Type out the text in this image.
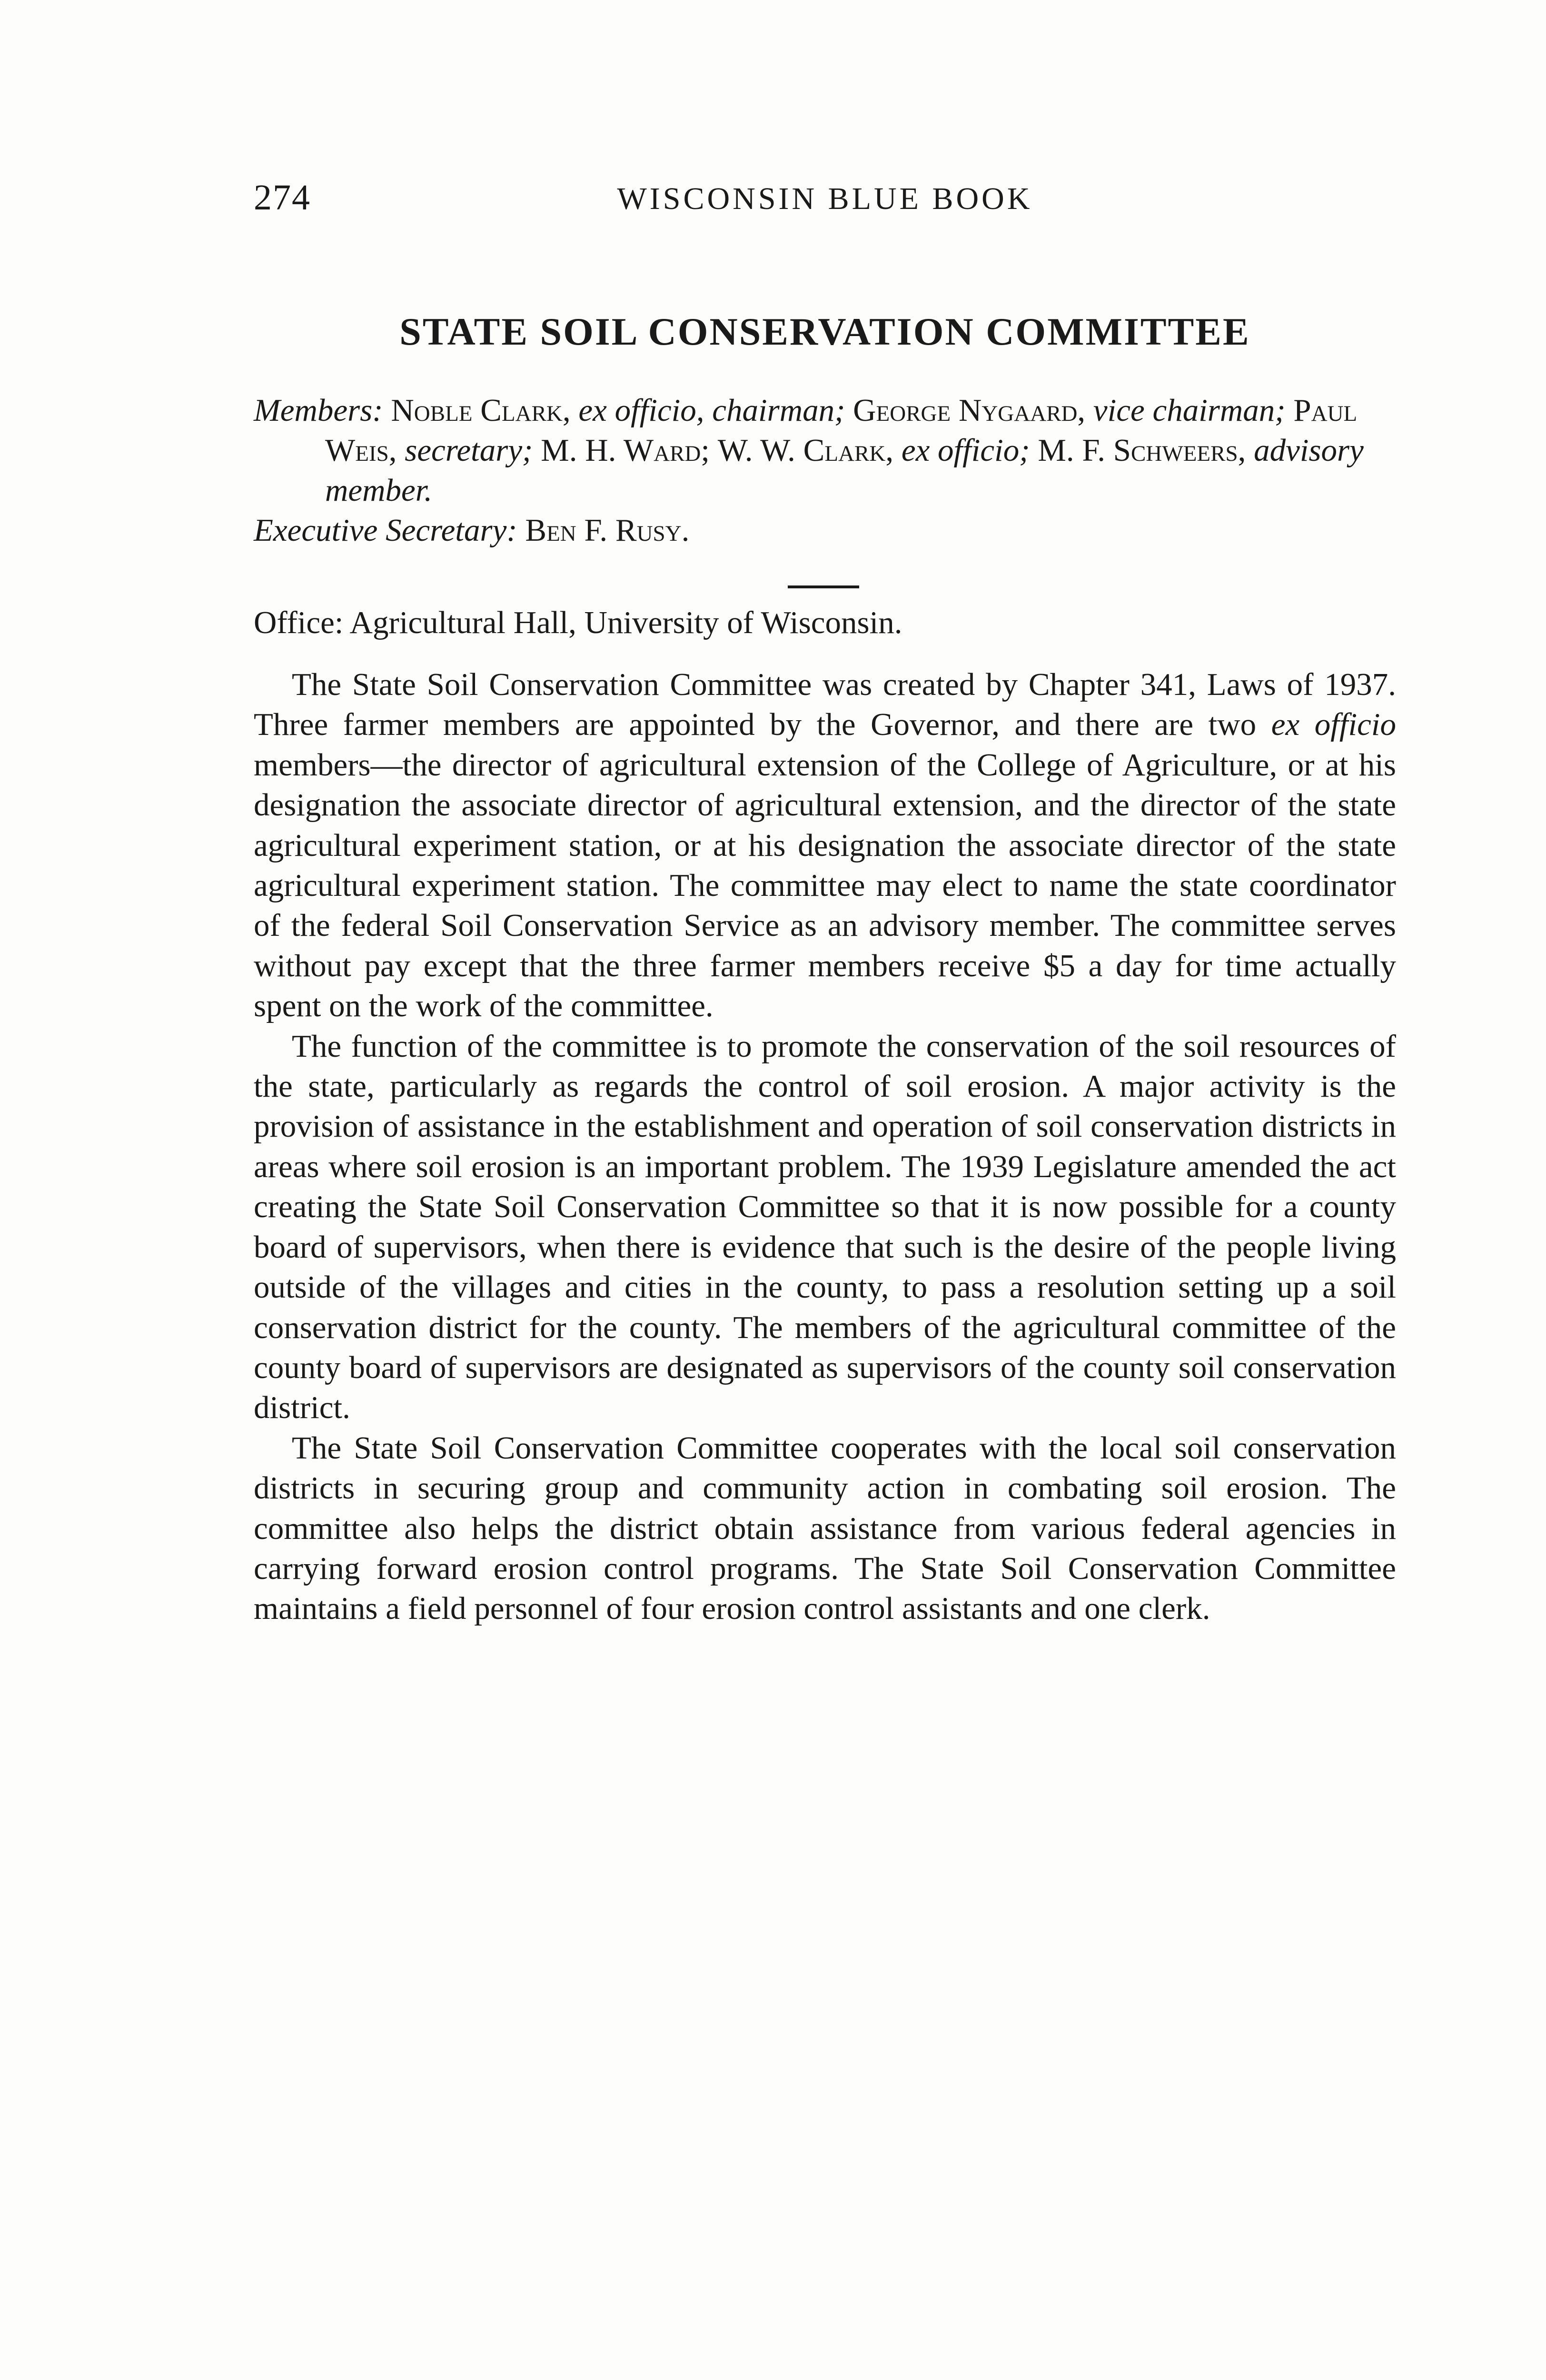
274	WISCONSIN BLUE BOOK
STATE SOIL CONSERVATION COMMITTEE

Members: Noble Clark, ex officio, chairman; George Nygaard, vice chairman; Paul Weis, secretary; M. H. Ward; W. W. Clark, ex officio; M. F. Schweers, advisory member.

Executive Secretary: Ben F. Rusy.

Office: Agricultural Hall, University of Wisconsin.

The State Soil Conservation Committee was created by Chapter 341, Laws of 1937. Three farmer members are appointed by the Governor, and there are two ex officio members—the director of agricultural extension of the College of Agriculture, or at his designation the associate director of agricultural extension, and the director of the state agricultural experiment station, or at his designation the associate director of the state agricultural experiment station. The committee may elect to name the state coordinator of the federal Soil Conservation Service as an advisory member. The committee serves without pay except that the three farmer members receive $5 a day for time actually spent on the work of the committee.

The function of the committee is to promote the conservation of the soil resources of the state, particularly as regards the control of soil erosion. A major activity is the provision of assistance in the establishment and operation of soil conservation districts in areas where soil erosion is an important problem. The 1939 Legislature amended the act creating the State Soil Conservation Committee so that it is now possible for a county board of supervisors, when there is evidence that such is the desire of the people living outside of the villages and cities in the county, to pass a resolution setting up a soil conservation district for the county. The members of the agricultural committee of the county board of supervisors are designated as supervisors of the county soil conservation district.

The State Soil Conservation Committee cooperates with the local soil conservation districts in securing group and community action in combating soil erosion. The committee also helps the district obtain assistance from various federal agencies in carrying forward erosion control programs. The State Soil Conservation Committee maintains a field personnel of four erosion control assistants and one clerk.
